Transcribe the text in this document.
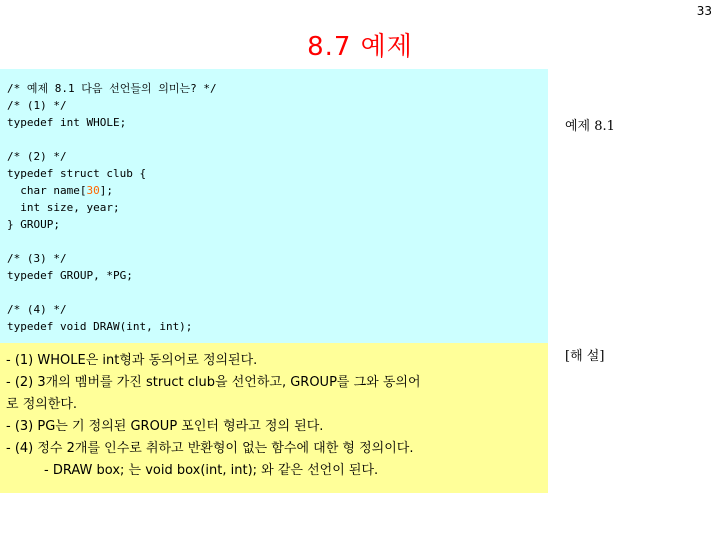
33
8.7 예제
/* 예제 8.1 다음 선언들의 의미는? */
/* (1) */
typedef int WHOLE;

/* (2) */
typedef struct club {
char name[30];
int size, year;
} GROUP;

/* (3) */
typedef GROUP, *PG;

/* (4) */
typedef void DRAW(int, int);
예제 8.1
- (1) WHOLE은 int형과 동의어로 정의된다.
- (2) 3개의 멤버를 가진 struct club을 선언하고, GROUP를 그와 동의어
로 정의한다.
- (3) PG는 기 정의된 GROUP 포인터 형라고 정의 된다.
- (4) 정수 2개를 인수로 취하고 반환형이 없는 함수에 대한 형 정의이다.
- DRAW box; 는 void box(int, int); 와 같은 선언이 된다.
[해 설]
